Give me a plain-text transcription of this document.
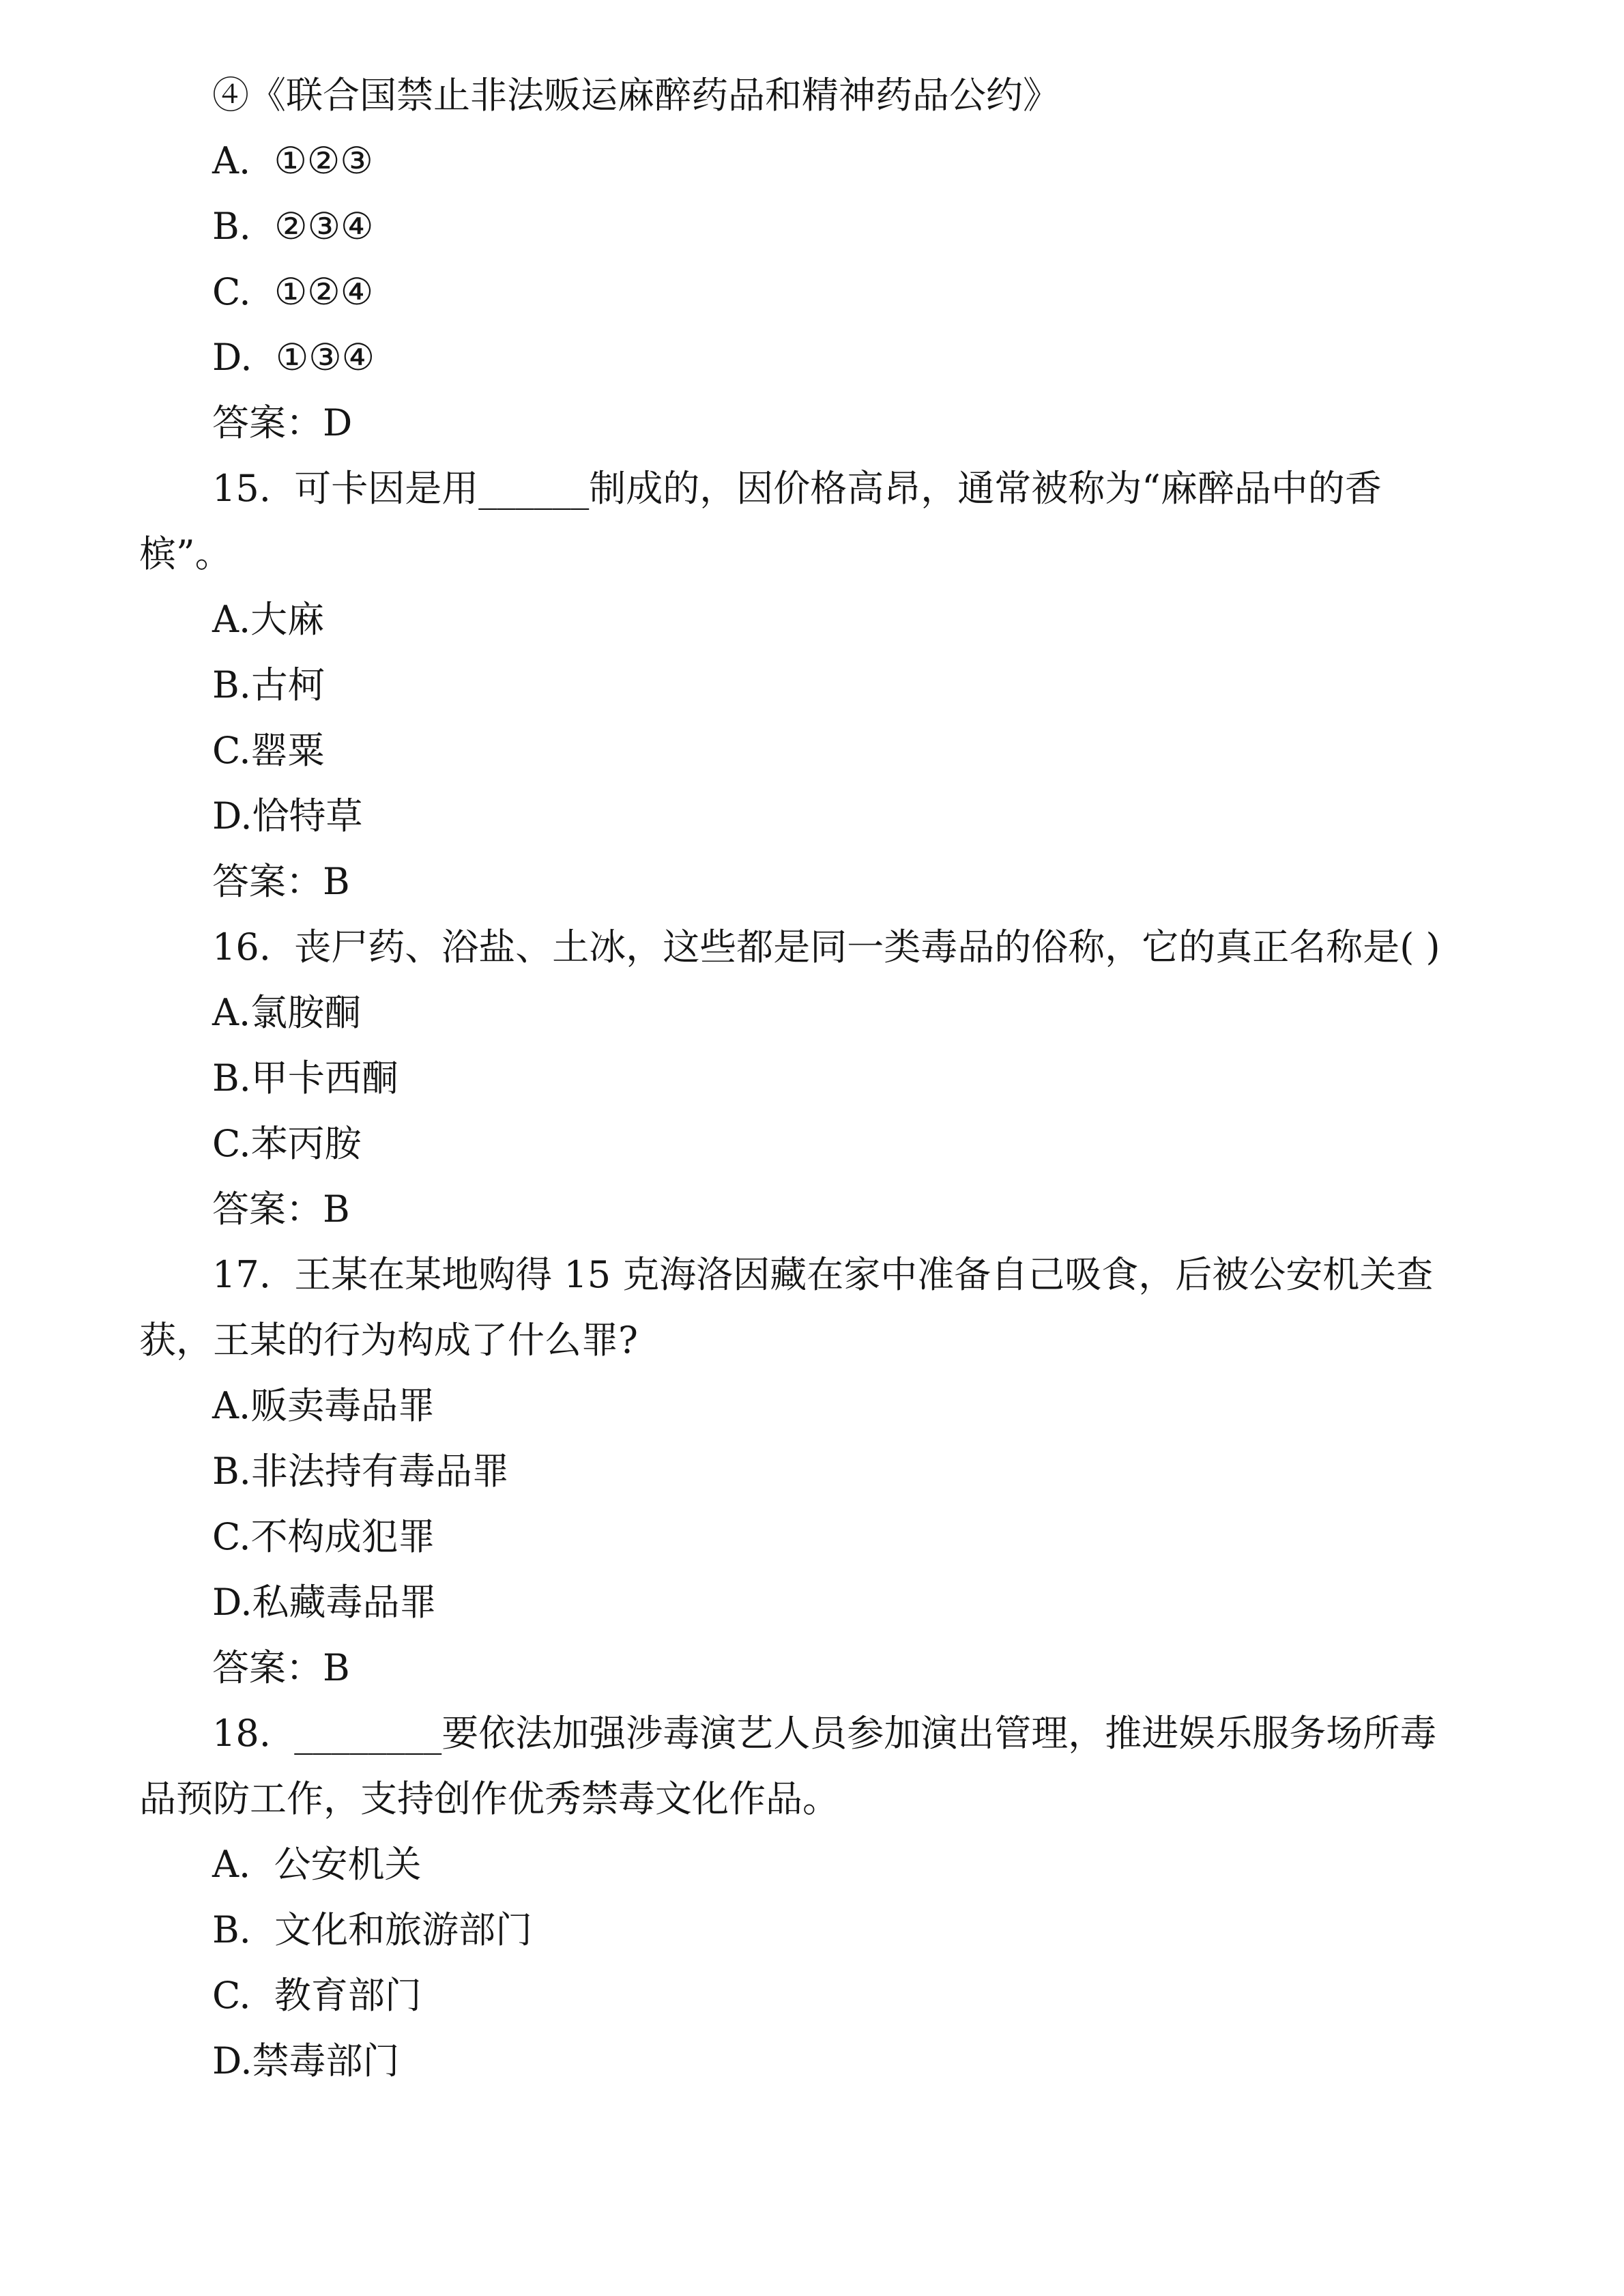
④《联合国禁止非法贩运麻醉药品和精神药品公约》
A.  ①②③
B.  ②③④
C.  ①②④
D.  ①③④
答案：D
15.  可卡因是用______制成的，因价格高昂，通常被称为“麻醉品中的香
槟”。
A.大麻
B.古柯
C.罂粟
D.恰特草
答案：B
16.  丧尸药、浴盐、土冰，这些都是同一类毒品的俗称，它的真正名称是( )
A.氯胺酮
B.甲卡西酮
C.苯丙胺
答案：B
17.  王某在某地购得 15 克海洛因藏在家中准备自己吸食，后被公安机关查
获，王某的行为构成了什么罪?
A.贩卖毒品罪
B.非法持有毒品罪
C.不构成犯罪
D.私藏毒品罪
答案：B
18.  ________要依法加强涉毒演艺人员参加演出管理，推进娱乐服务场所毒
品预防工作，支持创作优秀禁毒文化作品。
A.  公安机关
B.  文化和旅游部门
C.  教育部门
D.禁毒部门
